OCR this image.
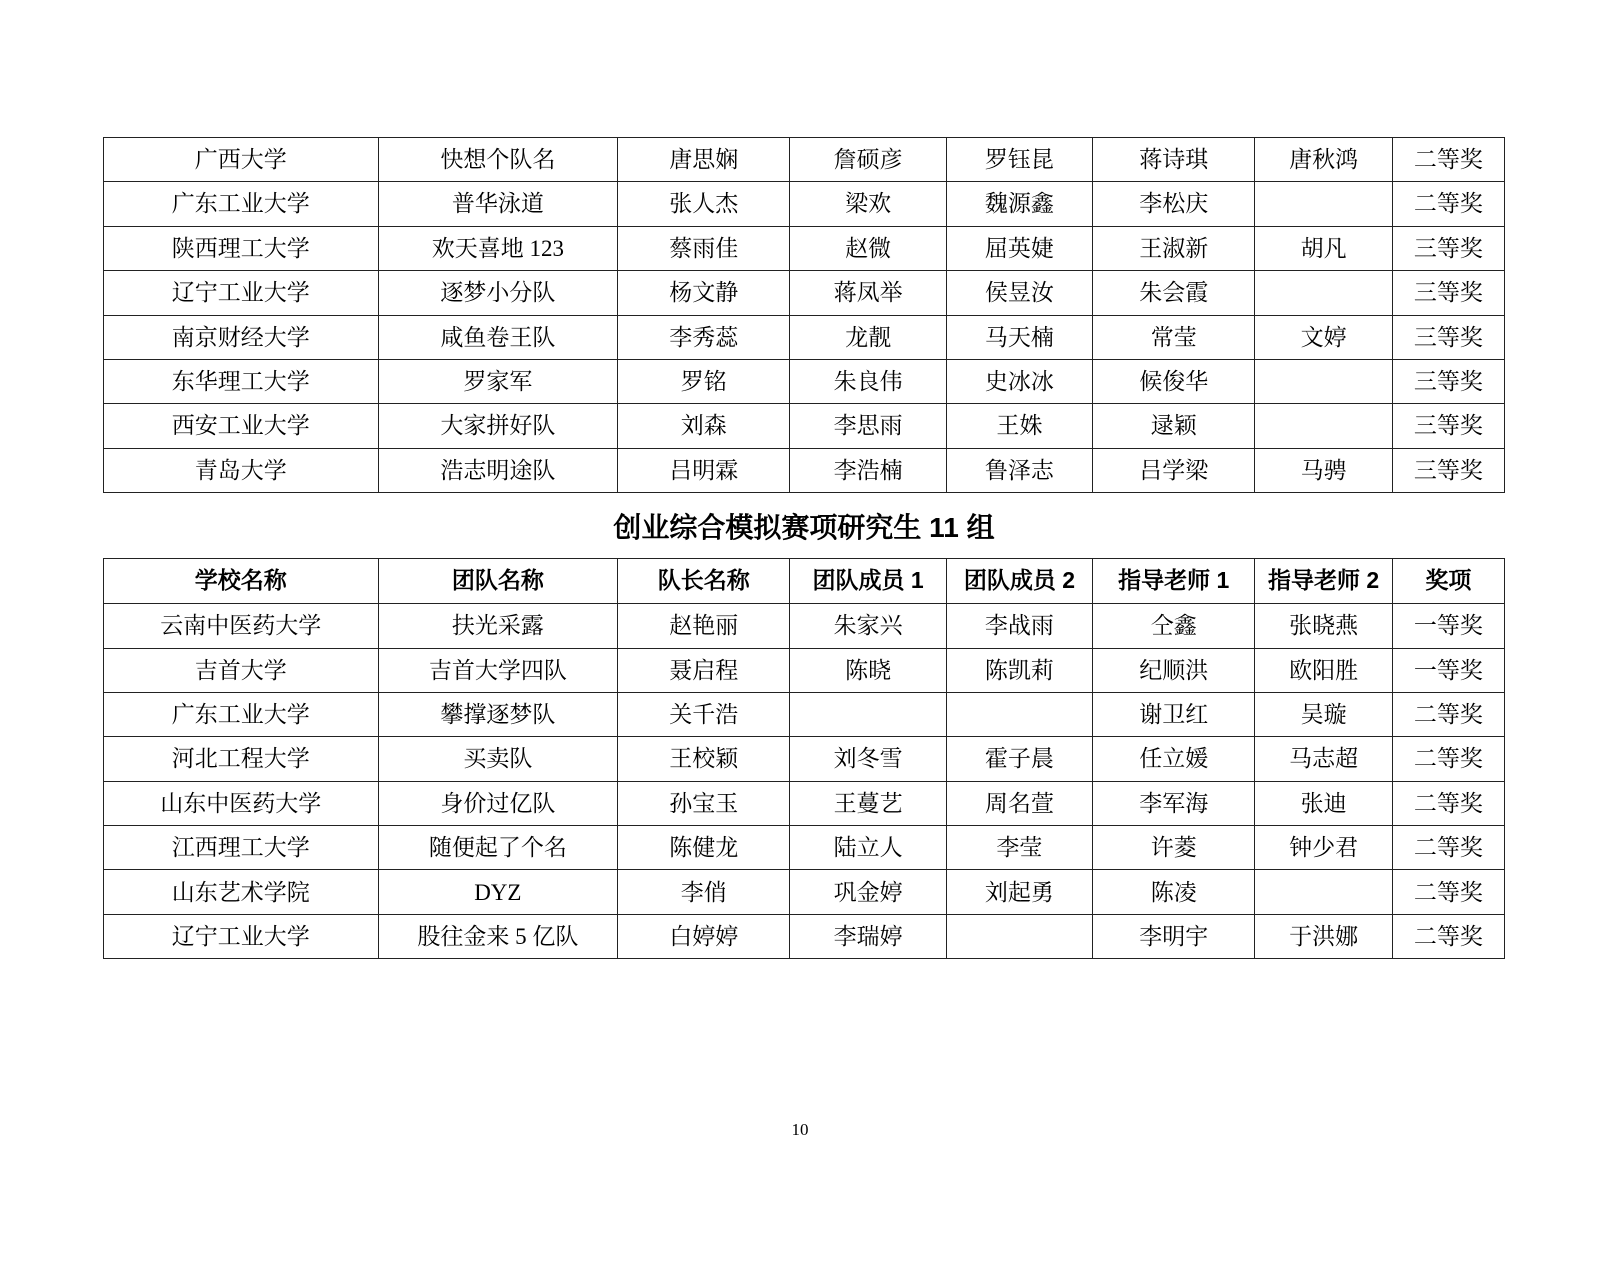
广西大学	快想个队名	唐思娴	詹硕彦	罗钰昆	蒋诗琪	唐秋鸿	二等奖
广东工业大学	普华泳道	张人杰	梁欢	魏源鑫	李松庆		二等奖
陕西理工大学	欢天喜地 123	蔡雨佳	赵微	屈英婕	王淑新	胡凡	三等奖
辽宁工业大学	逐梦小分队	杨文静	蒋凤举	侯昱汝	朱会霞		三等奖
南京财经大学	咸鱼卷王队	李秀蕊	龙靓	马天楠	常莹	文婷	三等奖
东华理工大学	罗家军	罗铭	朱良伟	史冰冰	候俊华		三等奖
西安工业大学	大家拼好队	刘森	李思雨	王姝	逯颖		三等奖
青岛大学	浩志明途队	吕明霖	李浩楠	鲁泽志	吕学梁	马骋	三等奖
创业综合模拟赛项研究生 11 组
学校名称	团队名称	队长名称	团队成员 1	团队成员 2	指导老师 1	指导老师 2	奖项
云南中医药大学	扶光采露	赵艳丽	朱家兴	李战雨	仝鑫	张晓燕	一等奖
吉首大学	吉首大学四队	聂启程	陈晓	陈凯莉	纪顺洪	欧阳胜	一等奖
广东工业大学	攀撑逐梦队	关千浩			谢卫红	吴璇	二等奖
河北工程大学	买卖队	王校颖	刘冬雪	霍子晨	任立媛	马志超	二等奖
山东中医药大学	身价过亿队	孙宝玉	王蔓艺	周名萱	李军海	张迪	二等奖
江西理工大学	随便起了个名	陈健龙	陆立人	李莹	许菱	钟少君	二等奖
山东艺术学院	DYZ	李俏	巩金婷	刘起勇	陈凌		二等奖
辽宁工业大学	股往金来 5 亿队	白婷婷	李瑞婷		李明宇	于洪娜	二等奖
10
